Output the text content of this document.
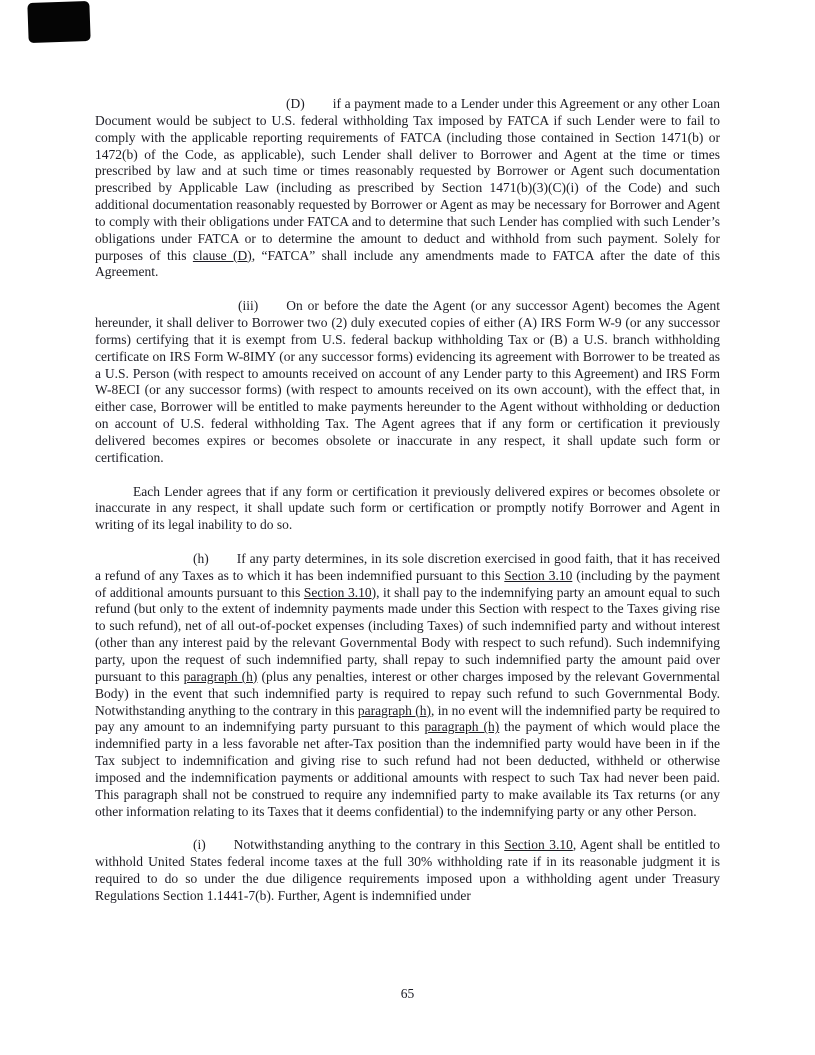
(D) if a payment made to a Lender under this Agreement or any other Loan Document would be subject to U.S. federal withholding Tax imposed by FATCA if such Lender were to fail to comply with the applicable reporting requirements of FATCA (including those contained in Section 1471(b) or 1472(b) of the Code, as applicable), such Lender shall deliver to Borrower and Agent at the time or times prescribed by law and at such time or times reasonably requested by Borrower or Agent such documentation prescribed by Applicable Law (including as prescribed by Section 1471(b)(3)(C)(i) of the Code) and such additional documentation reasonably requested by Borrower or Agent as may be necessary for Borrower and Agent to comply with their obligations under FATCA and to determine that such Lender has complied with such Lender’s obligations under FATCA or to determine the amount to deduct and withhold from such payment. Solely for purposes of this clause (D), “FATCA” shall include any amendments made to FATCA after the date of this Agreement.

(iii) On or before the date the Agent (or any successor Agent) becomes the Agent hereunder, it shall deliver to Borrower two (2) duly executed copies of either (A) IRS Form W-9 (or any successor forms) certifying that it is exempt from U.S. federal backup withholding Tax or (B) a U.S. branch withholding certificate on IRS Form W-8IMY (or any successor forms) evidencing its agreement with Borrower to be treated as a U.S. Person (with respect to amounts received on account of any Lender party to this Agreement) and IRS Form W-8ECI (or any successor forms) (with respect to amounts received on its own account), with the effect that, in either case, Borrower will be entitled to make payments hereunder to the Agent without withholding or deduction on account of U.S. federal withholding Tax. The Agent agrees that if any form or certification it previously delivered becomes expires or becomes obsolete or inaccurate in any respect, it shall update such form or certification.

Each Lender agrees that if any form or certification it previously delivered expires or becomes obsolete or inaccurate in any respect, it shall update such form or certification or promptly notify Borrower and Agent in writing of its legal inability to do so.

(h) If any party determines, in its sole discretion exercised in good faith, that it has received a refund of any Taxes as to which it has been indemnified pursuant to this Section 3.10 (including by the payment of additional amounts pursuant to this Section 3.10), it shall pay to the indemnifying party an amount equal to such refund (but only to the extent of indemnity payments made under this Section with respect to the Taxes giving rise to such refund), net of all out-of-pocket expenses (including Taxes) of such indemnified party and without interest (other than any interest paid by the relevant Governmental Body with respect to such refund). Such indemnifying party, upon the request of such indemnified party, shall repay to such indemnified party the amount paid over pursuant to this paragraph (h) (plus any penalties, interest or other charges imposed by the relevant Governmental Body) in the event that such indemnified party is required to repay such refund to such Governmental Body. Notwithstanding anything to the contrary in this paragraph (h), in no event will the indemnified party be required to pay any amount to an indemnifying party pursuant to this paragraph (h) the payment of which would place the indemnified party in a less favorable net after-Tax position than the indemnified party would have been in if the Tax subject to indemnification and giving rise to such refund had not been deducted, withheld or otherwise imposed and the indemnification payments or additional amounts with respect to such Tax had never been paid. This paragraph shall not be construed to require any indemnified party to make available its Tax returns (or any other information relating to its Taxes that it deems confidential) to the indemnifying party or any other Person.

(i) Notwithstanding anything to the contrary in this Section 3.10, Agent shall be entitled to withhold United States federal income taxes at the full 30% withholding rate if in its reasonable judgment it is required to do so under the due diligence requirements imposed upon a withholding agent under Treasury Regulations Section 1.1441-7(b). Further, Agent is indemnified under

65
